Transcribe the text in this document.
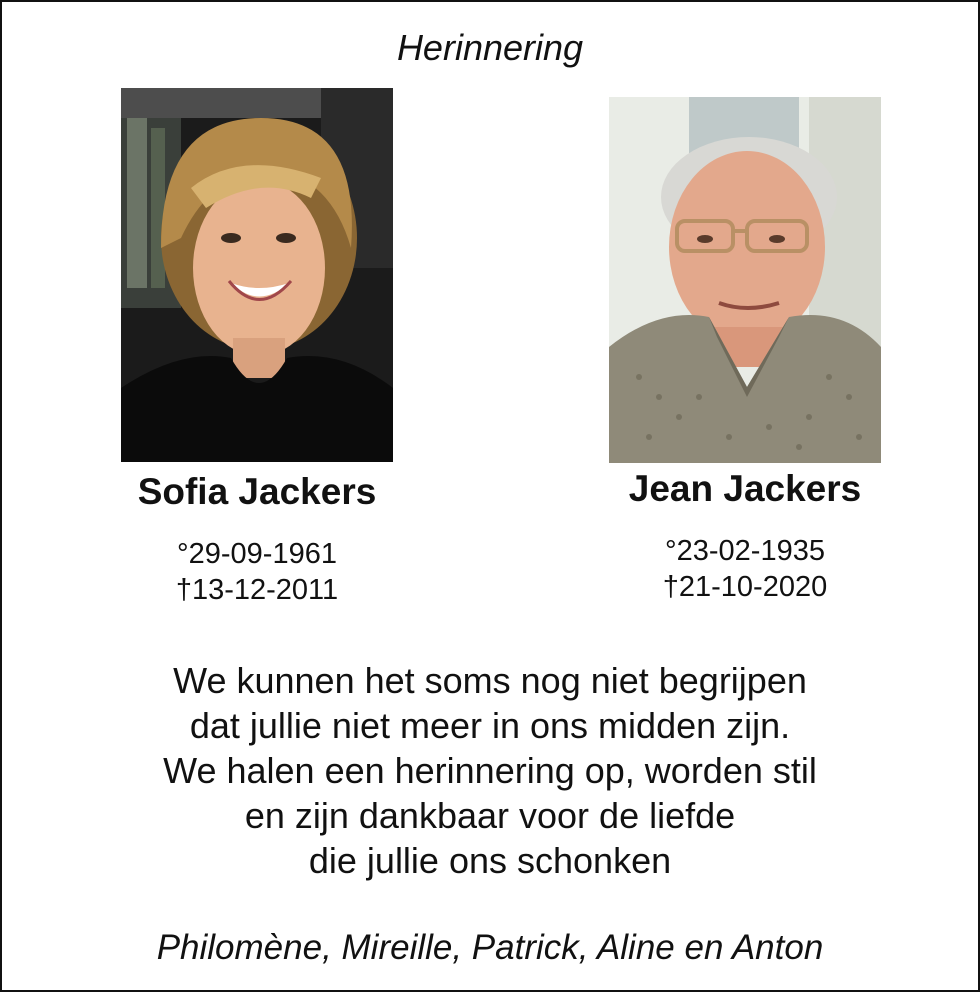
Herinnering
Sofia Jackers
°29-09-1961
†13-12-2011
Jean Jackers
°23-02-1935
†21-10-2020
We kunnen het soms nog niet begrijpen
dat jullie niet meer in ons midden zijn.
We halen een herinnering op, worden stil
en zijn dankbaar voor de liefde
die jullie ons schonken
Philomène, Mireille, Patrick, Aline en Anton
